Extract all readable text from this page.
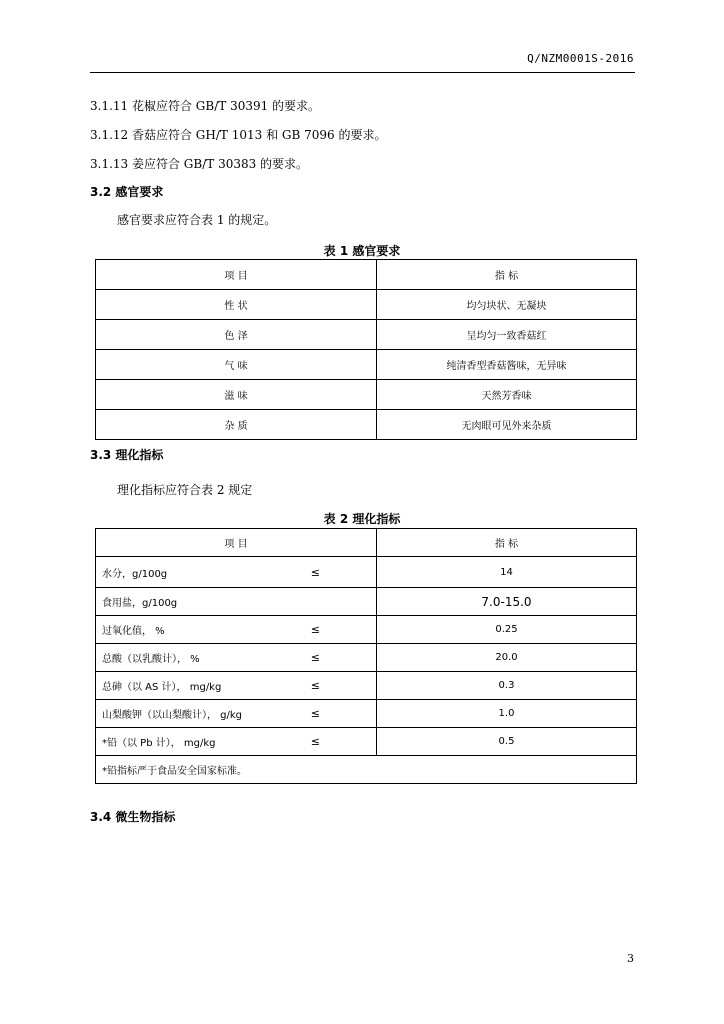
Q/NZM0001S-2016
3.1.11 花椒应符合 GB/T 30391 的要求。
3.1.12 香菇应符合 GH/T 1013 和 GB 7096 的要求。
3.1.13 姜应符合 GB/T 30383 的要求。
3.2 感官要求
感官要求应符合表 1 的规定。
表 1 感官要求
项 目	指 标
性 状	均匀块状、无凝块
色 泽	呈均匀一致香菇红
气 味	纯清香型香菇酱味，无异味
滋 味	天然芳香味
杂 质	无肉眼可见外来杂质
3.3 理化指标
理化指标应符合表 2 规定
表 2 理化指标
项 目	指 标

水分，g/100g ≤	14

食用盐，g/100g	7.0-15.0

过氧化值， % ≤	0.25

总酸（以乳酸计）， % ≤	20.0

总砷（以 AS 计）， mg/kg ≤	0.3

山梨酸钾（以山梨酸计）， g/kg ≤	1.0

*铅（以 Pb 计）， mg/kg ≤	0.5
*铅指标严于食品安全国家标准。	
3.4 微生物指标
3
